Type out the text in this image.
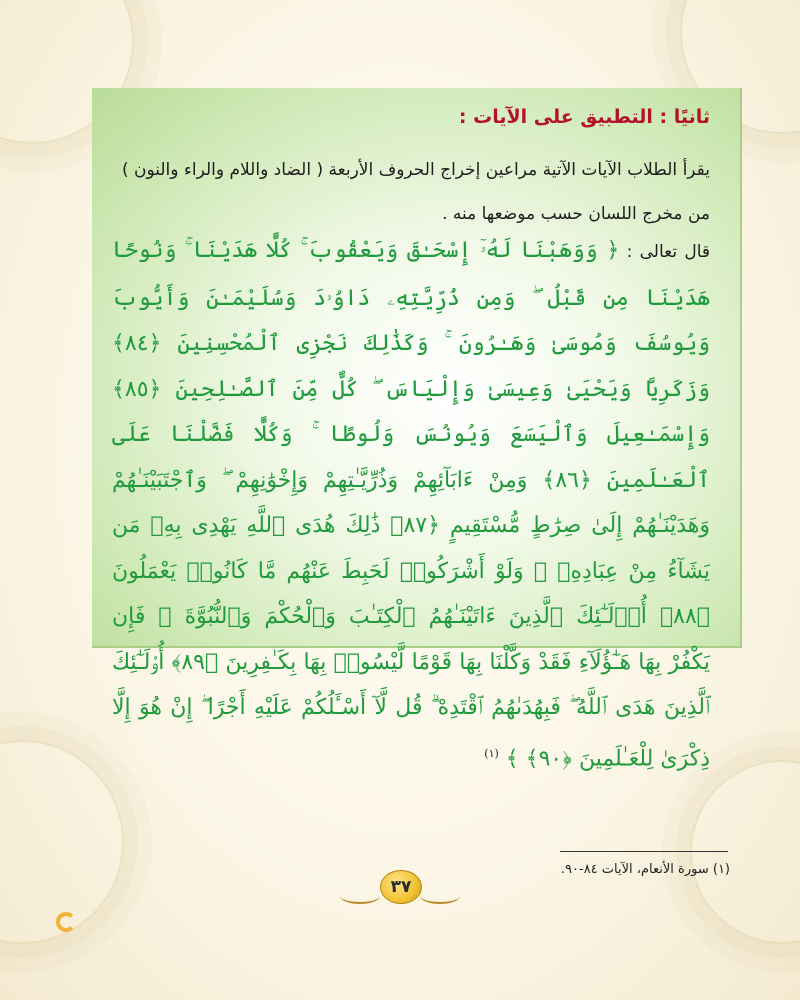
ثانيًا : التطبيق على الآيات :
يقرأ الطلاب الآيات الآتية مراعين إخراج الحروف الأربعة ( الضاد واللام والراء والنون ) من مخرج اللسان حسب موضعها منه .
قال تعالى : ﴿ وَوَهَبْنَا لَهُۥٓ إِسْحَـٰقَ وَيَعْقُوبَ ۚ كُلًّا هَدَيْنَا ۚ وَنُوحًا هَدَيْنَا مِن قَبْلُ ۖ وَمِن ذُرِّيَّتِهِۦ دَاوُۥدَ وَسُلَيْمَـٰنَ وَأَيُّوبَ وَيُوسُفَ وَمُوسَىٰ وَهَـٰرُونَ ۚ وَكَذَٰلِكَ نَجْزِى ٱلْمُحْسِنِينَ ﴿٨٤﴾ وَزَكَرِيَّا وَيَحْيَىٰ وَعِيسَىٰ وَإِلْيَاسَ ۖ كُلٌّ مِّنَ ٱلصَّـٰلِحِينَ ﴿٨٥﴾ وَإِسْمَـٰعِيلَ وَٱلْيَسَعَ وَيُونُسَ وَلُوطًا ۚ وَكُلًّا فَضَّلْنَا عَلَى ٱلْعَـٰلَمِينَ ﴿٨٦﴾ وَمِنْ ءَابَآئِهِمْ وَذُرِّيَّـٰتِهِمْ وَإِخْوَٰنِهِمْ ۖ وَٱجْتَبَيْنَـٰهُمْ وَهَدَيْنَـٰهُمْ إِلَىٰ صِرَٰطٍ مُّسْتَقِيمٍ ﴿٨٧﴾ ذَٰلِكَ هُدَى ٱللَّهِ يَهْدِى بِهِۦ مَن يَشَآءُ مِنْ عِبَادِهِۦ ۚ وَلَوْ أَشْرَكُوا۟ لَحَبِطَ عَنْهُم مَّا كَانُوا۟ يَعْمَلُونَ ﴿٨٨﴾ أُو۟لَـٰٓئِكَ ٱلَّذِينَ ءَاتَيْنَـٰهُمُ ٱلْكِتَـٰبَ وَٱلْحُكْمَ وَٱلنُّبُوَّةَ ۚ فَإِن يَكْفُرْ بِهَا هَـٰٓؤُلَآءِ فَقَدْ وَكَّلْنَا بِهَا قَوْمًا لَّيْسُوا۟ بِهَا بِكَـٰفِرِينَ ﴿٨٩﴾ أُو۟لَـٰٓئِكَ ٱلَّذِينَ هَدَى ٱللَّهُ ۖ فَبِهُدَىٰهُمُ ٱقْتَدِهْ ۗ قُل لَّآ أَسْـَٔلُكُمْ عَلَيْهِ أَجْرًا ۖ إِنْ هُوَ إِلَّا ذِكْرَىٰ لِلْعَـٰلَمِينَ ﴿٩٠﴾ ﴾ $^{(١)}$
(١) سورة الأنعام، الآيات ٨٤-٩٠.
٣٧
